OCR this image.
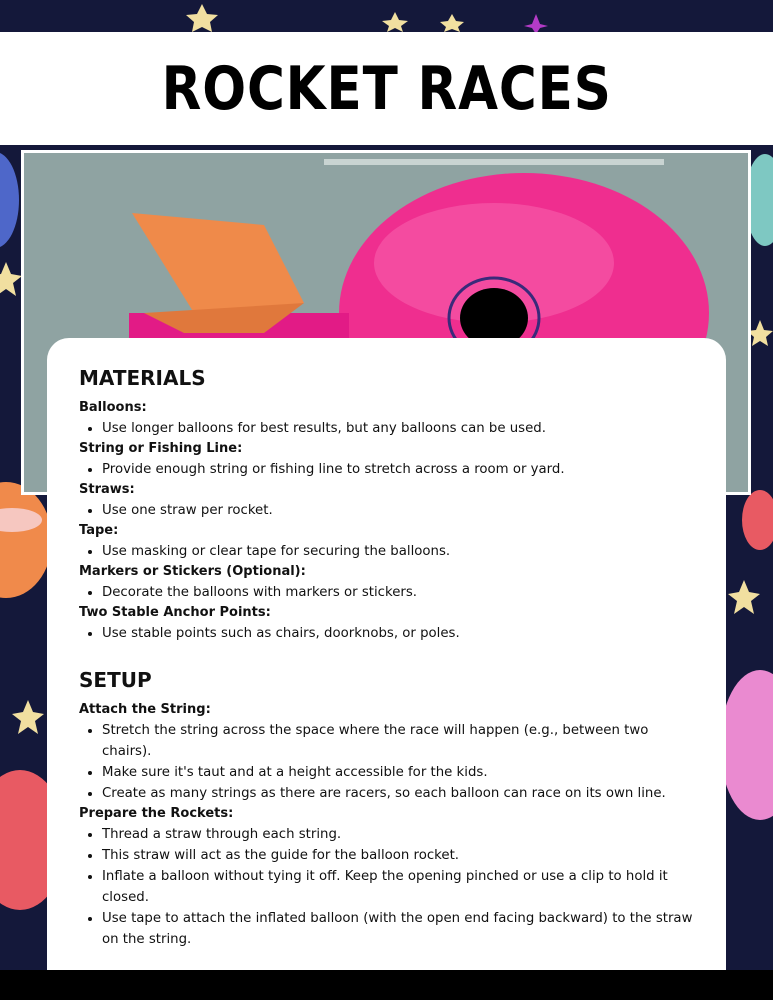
ROCKET RACES
MATERIALS

Balloons:

• Use longer balloons for best results, but any balloons can be used.

String or Fishing Line:

• Provide enough string or fishing line to stretch across a room or yard.

Straws:

• Use one straw per rocket.

Tape:

• Use masking or clear tape for securing the balloons.

Markers or Stickers (Optional):

• Decorate the balloons with markers or stickers.

Two Stable Anchor Points:

• Use stable points such as chairs, doorknobs, or poles.
SETUP

Attach the String:

• Stretch the string across the space where the race will happen (e.g., between two chairs).
• Make sure it's taut and at a height accessible for the kids.
• Create as many strings as there are racers, so each balloon can race on its own line.

Prepare the Rockets:

• Thread a straw through each string.
• This straw will act as the guide for the balloon rocket.
• Inflate a balloon without tying it off. Keep the opening pinched or use a clip to hold it closed.
• Use tape to attach the inflated balloon (with the open end facing backward) to the straw on the string.
